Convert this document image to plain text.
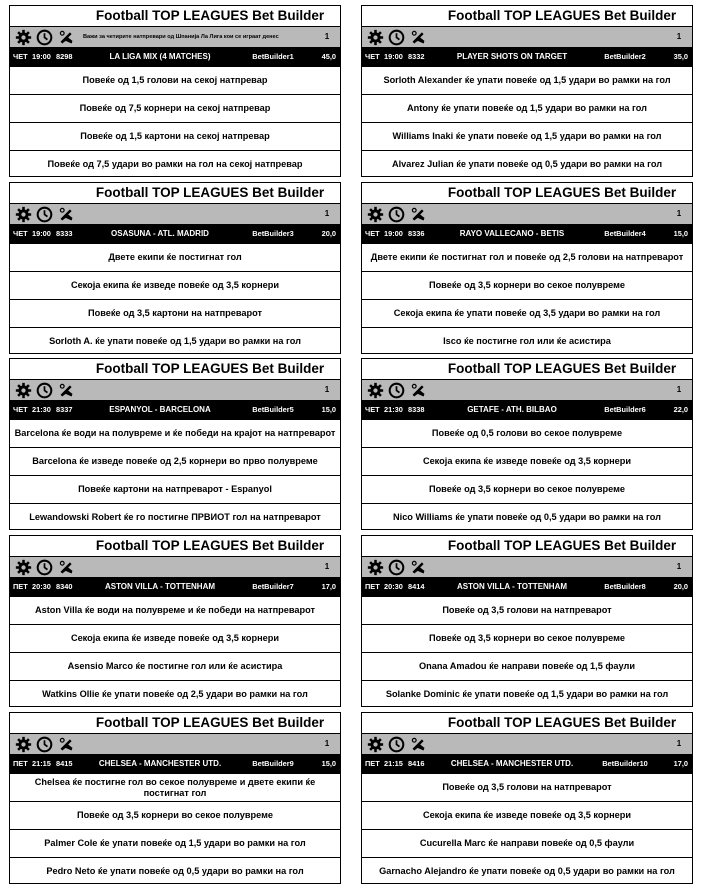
Football TOP LEAGUES Bet Builder
Важи за четирите натпревари од Шпанија Ла Лига кои се играат денес	1
ЧЕТ 19:00 8298	LA LIGA MIX (4 MATCHES)	BetBuilder1	45,0
Повеќе од 1,5 голови на секој натпревар
Повеќе од 7,5 корнери на секој натпревар
Повеќе од 1,5 картони на секој натпревар
Повеќе од 7,5 удари во рамки на гол на секој натпревар
Football TOP LEAGUES Bet Builder
1
ЧЕТ 19:00 8332	PLAYER SHOTS ON TARGET	BetBuilder2	35,0
Sorloth Alexander ќе упати повеќе од 1,5 удари во рамки на гол
Antony ќе упати повеќе од 1,5 удари во рамки на гол
Williams Inaki ќе упати повеќе од 1,5 удари во рамки на гол
Alvarez Julian ќе упати повеќе од 0,5 удари во рамки на гол
Football TOP LEAGUES Bet Builder
1
ЧЕТ 19:00 8333	OSASUNA - ATL. MADRID	BetBuilder3	20,0
Двете екипи ќе постигнат гол
Секоја екипа ќе изведе повеќе од 3,5 корнери
Повеќе од 3,5 картони на натпреварот
Sorloth A. ќе упати повеќе од 1,5 удари во рамки на гол
Football TOP LEAGUES Bet Builder
1
ЧЕТ 19:00 8336	RAYO VALLECANO - BETIS	BetBuilder4	15,0
Двете екипи ќе постигнат гол и повеќе од 2,5 голови на натпреварот
Повеќе од 3,5 корнери во секое полувреме
Секоја екипа ќе упати повеќе од 3,5 удари во рамки на гол
Isco ќе постигне гол или ќе асистира
Football TOP LEAGUES Bet Builder
1
ЧЕТ 21:30 8337	ESPANYOL - BARCELONA	BetBuilder5	15,0
Barcelona ќе води на полувреме и ќе победи на крајот на натпреварот
Barcelona ќе изведе повеќе од 2,5 корнери во прво полувреме
Повеќе картони на натпреварот - Espanyol
Lewandowski Robert ќе го постигне ПРВИОТ гол на натпреварот
Football TOP LEAGUES Bet Builder
1
ЧЕТ 21:30 8338	GETAFE - ATH. BILBAO	BetBuilder6	22,0
Повеќе од 0,5 голови во секое полувреме
Секоја екипа ќе изведе повеќе од 3,5 корнери
Повеќе од 3,5 корнери во секое полувреме
Nico Williams ќе упати повеќе од 0,5 удари во рамки на гол
Football TOP LEAGUES Bet Builder
1
ПЕТ 20:30 8340	ASTON VILLA - TOTTENHAM	BetBuilder7	17,0
Aston Villa ќе води на полувреме и ќе победи на натпреварот
Секоја екипа ќе изведе повеќе од 3,5 корнери
Asensio Marco ќе постигне гол или ќе асистира
Watkins Ollie ќе упати повеќе од 2,5 удари во рамки на гол
Football TOP LEAGUES Bet Builder
1
ПЕТ 20:30 8414	ASTON VILLA - TOTTENHAM	BetBuilder8	20,0
Повеќе од 3,5 голови на натпреварот
Повеќе од 3,5 корнери во секое полувреме
Onana Amadou ќе направи повеќе од 1,5 фаули
Solanke Dominic ќе упати повеќе од 1,5 удари во рамки на гол
Football TOP LEAGUES Bet Builder
1
ПЕТ 21:15 8415	CHELSEA - MANCHESTER UTD.	BetBuilder9	15,0
Chelsea ќе постигне гол во секое полувреме и двете екипи ќе постигнат гол
Повеќе од 3,5 корнери во секое полувреме
Palmer Cole ќе упати повеќе од 1,5 удари во рамки на гол
Pedro Neto ќе упати повеќе од 0,5 удари во рамки на гол
Football TOP LEAGUES Bet Builder
1
ПЕТ 21:15 8416	CHELSEA - MANCHESTER UTD.	BetBuilder10	17,0
Повеќе од 3,5 голови на натпреварот
Секоја екипа ќе изведе повеќе од 3,5 корнери
Cucurella Marc ќе направи повеќе од 0,5 фаули
Garnacho Alejandro ќе упати повеќе од 0,5 удари во рамки на гол
